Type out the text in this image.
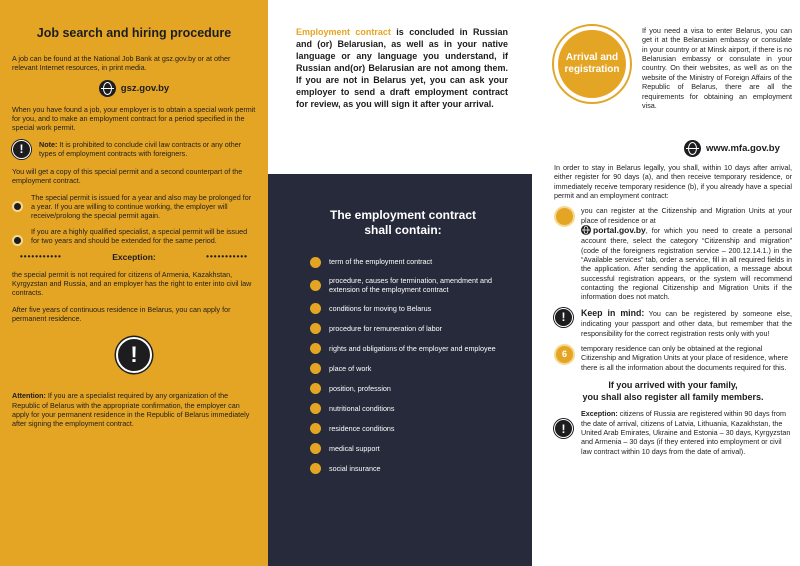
Job search and hiring procedure
A job can be found at the National Job Bank at gsz.gov.by or at other relevant Internet resources, in print media.
gsz.gov.by
When you have found a job, your employer is to obtain a special work permit for you, and to make an employment contract for a period specified in the special work permit.
!	Note: It is prohibited to conclude civil law contracts or any other types of employment contracts with foreigners.
You will get a copy of this special permit and a second counterpart of the employment contract.
The special permit is issued for a year and also may be prolonged for a year. If you are willing to continue working, the employer will receive/prolong the special permit again.
If you are a highly qualified specialist, a special permit will be issued for two years and should be extended for the same period.
•••••••••••	Exception:	•••••••••••
the special permit is not required for citizens of Armenia, Kazakhstan, Kyrgyzstan and Russia, and an employer has the right to enter into civil law contracts.
After five years of continuous residence in Belarus, you can apply for permanent residence.
!
Attention: If you are a specialist required by any organization of the Republic of Belarus with the appropriate confirmation, the employer can apply for your permanent residence in the Republic of Belarus immediately after signing the employment contract.
Employment contract is concluded in Russian and (or) Belarusian, as well as in your native language or any language you understand, if Russian and(or) Belarusian are not among them. If you are not in Belarus yet, you can ask your employer to send a draft employment contract for review, as you will sign it after your arrival.
The employment contract
shall contain:
term of the employment contract
procedure, causes for termination, amendment and extension of the employment contract
conditions for moving to Belarus
procedure for remuneration of labor
rights and obligations of the employer and employee
place of work
position, profession
nutritional conditions
residence conditions
medical support
social insurance
Arrival and registration
If you need a visa to enter Belarus, you can get it at the Belarusian embassy or consulate in your country or at Minsk airport, if there is no Belarusian embassy or consulate in your country. On their websites, as well as on the website of the Ministry of Foreign Affairs of the Republic of Belarus, there are all the requirements for obtaining an employment visa.
www.mfa.gov.by
In order to stay in Belarus legally, you shall, within 10 days after arrival, either register for 90 days (a), and then receive temporary residence, or immediately receive temporary residence (b), if you already have a special permit and an employment contract:
you can register at the Citizenship and Migration Units at your place of residence or at
portal.gov.by, for which you need to create a personal account there, select the category “Citizenship and migration” (code of the foreigners registration service – 200.12.14.1.) in the “Available services” tab, order a service, fill in all required fields in the application. After sending the application, a message about successful registration appears, or the system will recommend contacting the regional Citizenship and Migration Units if the information does not match.
!	Keep in mind: You can be registered by someone else, indicating your passport and other data, but remember that the responsibility for the correct registration rests only with you!
6
temporary residence can only be obtained at the regional Citizenship and Migration Units at your place of residence, where there is all the information about the documents required for this.
If you arrived with your family,
you shall also register all family members.
!
Exception: citizens of Russia are registered within 90 days from the date of arrival, citizens of Latvia, Lithuania, Kazakhstan, the United Arab Emirates, Ukraine and Estonia – 30 days, Kyrgyzstan and Armenia – 30 days (if they entered into employment or civil law contract within 10 days from the date of arrival).
